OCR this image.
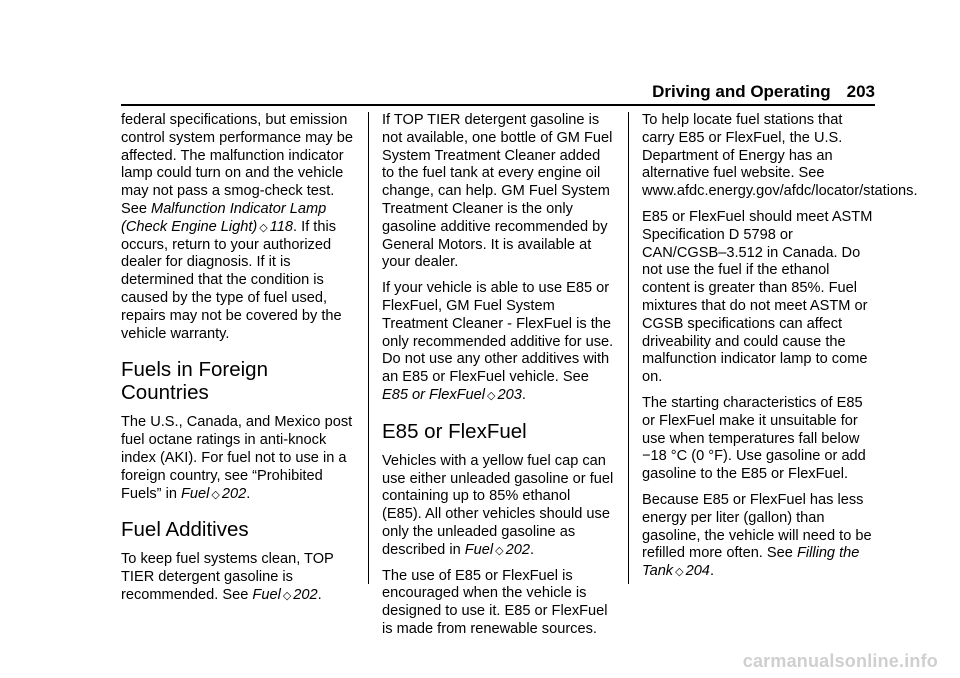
Driving and Operating 203

federal specifications, but emission control system performance may be affected. The malfunction indicator lamp could turn on and the vehicle may not pass a smog-check test. See Malfunction Indicator Lamp (Check Engine Light) ◇ 118. If this occurs, return to your authorized dealer for diagnosis. If it is determined that the condition is caused by the type of fuel used, repairs may not be covered by the vehicle warranty.

Fuels in Foreign Countries

The U.S., Canada, and Mexico post fuel octane ratings in anti-knock index (AKI). For fuel not to use in a foreign country, see “Prohibited Fuels” in Fuel ◇ 202.

Fuel Additives

To keep fuel systems clean, TOP TIER detergent gasoline is recommended. See Fuel ◇ 202.

If TOP TIER detergent gasoline is not available, one bottle of GM Fuel System Treatment Cleaner added to the fuel tank at every engine oil change, can help. GM Fuel System Treatment Cleaner is the only gasoline additive recommended by General Motors. It is available at your dealer.

If your vehicle is able to use E85 or FlexFuel, GM Fuel System Treatment Cleaner - FlexFuel is the only recommended additive for use. Do not use any other additives with an E85 or FlexFuel vehicle. See E85 or FlexFuel ◇ 203.

E85 or FlexFuel

Vehicles with a yellow fuel cap can use either unleaded gasoline or fuel containing up to 85% ethanol (E85). All other vehicles should use only the unleaded gasoline as described in Fuel ◇ 202.

The use of E85 or FlexFuel is encouraged when the vehicle is designed to use it. E85 or FlexFuel is made from renewable sources.

To help locate fuel stations that carry E85 or FlexFuel, the U.S. Department of Energy has an alternative fuel website. See www.afdc.energy.gov/afdc/locator/stations.

E85 or FlexFuel should meet ASTM Specification D 5798 or CAN/CGSB–3.512 in Canada. Do not use the fuel if the ethanol content is greater than 85%. Fuel mixtures that do not meet ASTM or CGSB specifications can affect driveability and could cause the malfunction indicator lamp to come on.

The starting characteristics of E85 or FlexFuel make it unsuitable for use when temperatures fall below −18 °C (0 °F). Use gasoline or add gasoline to the E85 or FlexFuel.

Because E85 or FlexFuel has less energy per liter (gallon) than gasoline, the vehicle will need to be refilled more often. See Filling the Tank ◇ 204.

carmanualsonline.info
